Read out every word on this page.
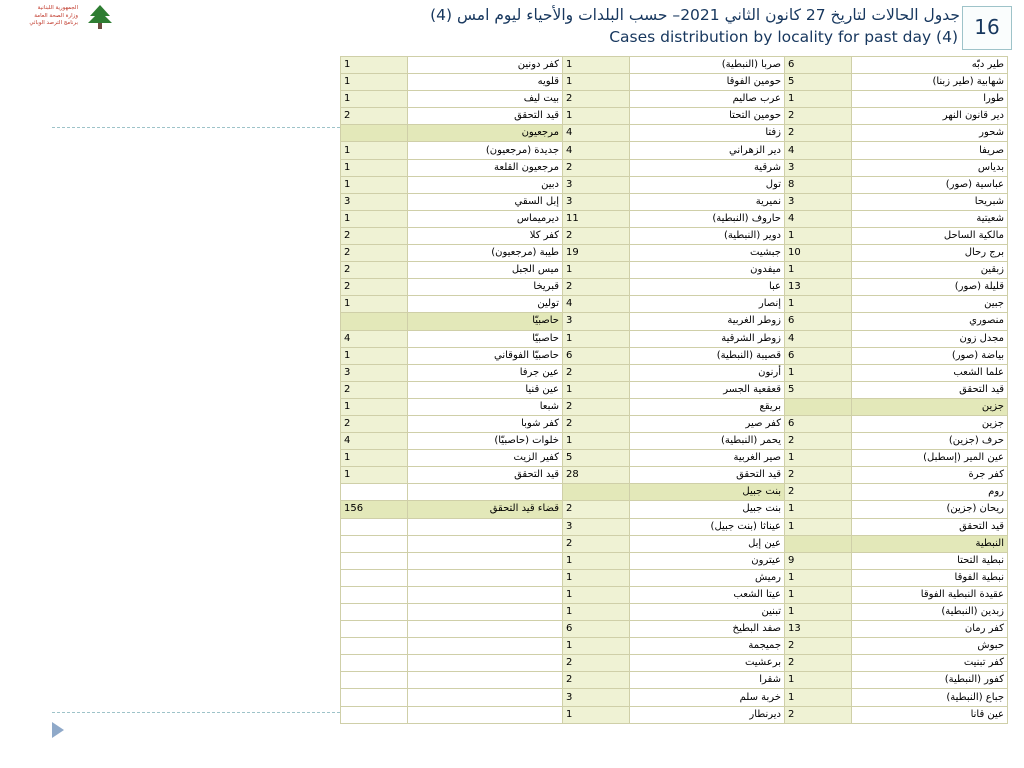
الجمهورية اللبنانية
وزارة الصحة العامة
برنامج الترصد الوبائي	جدول الحالات لتاريخ 27 كانون الثاني 2021– حسب البلدات والأحياء ليوم امس (4)
Cases distribution by locality for past day (4) 16
1	كفر دونين	1	صربا (النبطية)	6	طير دبّه
1	قلويه	1	حومين الفوقا	5	شهابية (طير زبنا)
1	بيت ليف	2	عرب صاليم	1	طورا
2	قيد التحقق	1	حومين التحتا	2	دير قانون النهر
	مرجعيون	4	زفتا	2	شحور
1	جديدة (مرجعيون)	4	دير الزهراني	4	صريفا
1	مرجعيون القلعة	2	شرقية	3	بدياس
1	دبين	3	تول	8	عباسية (صور)
3	إبل السقي	3	نميرية	3	شبريحا
1	ديرميماس	11	حاروف (النبطية)	4	شعيتية
2	كفر كلا	2	دوير (النبطية)	1	مالكية الساحل
2	طيبة (مرجعيون)	19	جبشيت	10	برج رحال
2	ميس الجبل	1	ميفدون	1	زبقين
2	قبريخا	2	عبا	13	قليلة (صور)
1	تولين	4	إنصار	1	جبين
	حاصبيّا	3	زوطر الغربية	6	منصوري
4	حاصبيّا	1	زوطر الشرقية	4	مجدل زون
1	حاصبيّا الفوقاني	6	قصيبة (النبطية)	6	بياضة (صور)
3	عين جرفا	2	أرنون	1	علما الشعب
2	عين قنيا	1	قعقعية الجسر	5	قيد التحقق
1	شبعا	2	بريقع		جزين
2	كفر شوبا	2	كفر صير	6	جزين
4	خلوات (حاصبيّا)	1	يحمر (النبطية)	2	حرف (جزين)
1	كفير الزيت	5	صير الغربية	1	عين المير (إسطبل)
1	قيد التحقق	28	قيد التحقق	2	كفر جرة
			بنت جبيل	2	روم
156	قضاء قيد التحقق	2	بنت جبيل	1	ريحان (جزين)
		3	عيناثا (بنت جبيل)	1	قيد التحقق
		2	عين إبل		النبطية
		1	عيترون	9	نبطية التحتا
		1	رميش	1	نبطية الفوقا
		1	عيتا الشعب	1	عقيدة النبطية الفوقا
		1	تبنين	1	زبدين (النبطية)
		6	صفد البطيخ	13	كفر رمان
		1	جميجمة	2	حبوش
		2	برعشيت	2	كفر تبنيت
		2	شقرا	1	كفور (النبطية)
		3	خربة سلم	1	جباع (النبطية)
		1	ديرنطار	2	عين قانا
